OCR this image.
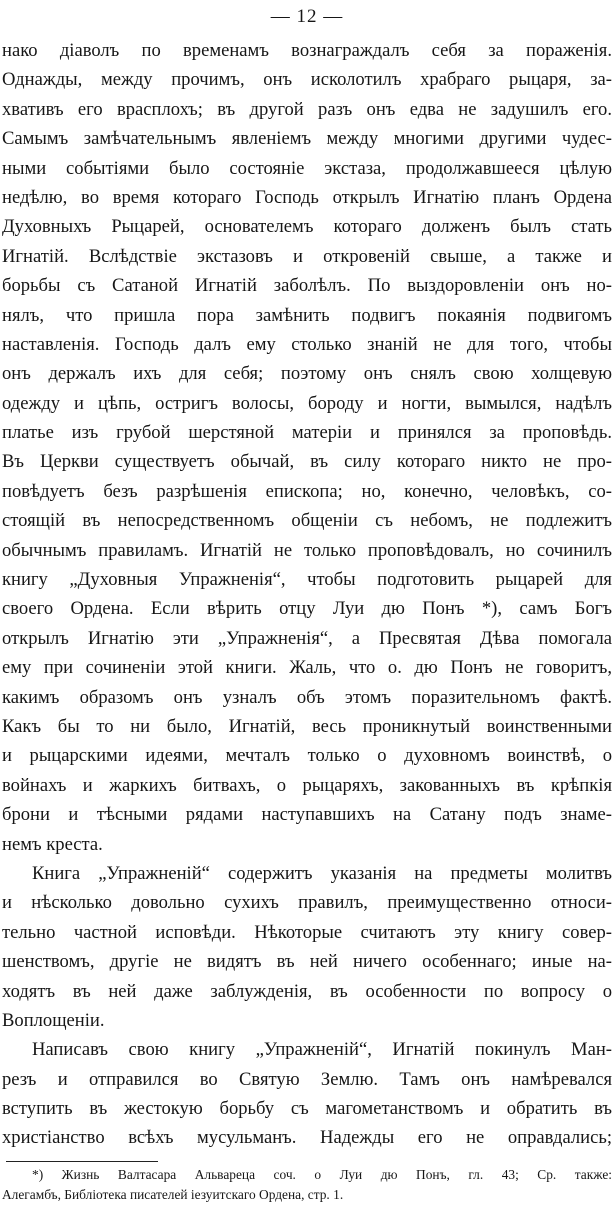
— 12 —
нако діаволъ по временамъ вознаграждалъ себя за пораженія.
Однажды, между прочимъ, онъ исколотилъ храбраго рыцаря, за-
хвативъ его врасплохъ; въ другой разъ онъ едва не задушилъ его.
Самымъ замѣчательнымъ явленіемъ между многими другими чудес-
ными событіями было состояніе экстаза, продолжавшееся цѣлую
недѣлю, во время котораго Господь открылъ Игнатію планъ Ордена
Духовныхъ Рыцарей, основателемъ котораго долженъ былъ стать
Игнатій. Вслѣдствіе экстазовъ и откровеній свыше, а также и
борьбы съ Сатаной Игнатій заболѣлъ. По выздоровленіи онъ но-
нялъ, что пришла пора замѣнить подвигъ покаянія подвигомъ
наставленія. Господь далъ ему столько знаній не для того, чтобы
онъ держалъ ихъ для себя; поэтому онъ снялъ свою холщевую
одежду и цѣпь, остригъ волосы, бороду и ногти, вымылся, надѣлъ
платье изъ грубой шерстяной матеріи и принялся за проповѣдь.
Въ Церкви существуетъ обычай, въ силу котораго никто не про-
повѣдуетъ безъ разрѣшенія епископа; но, конечно, человѣкъ, со-
стоящій въ непосредственномъ общеніи съ небомъ, не подлежитъ
обычнымъ правиламъ. Игнатій не только проповѣдовалъ, но сочинилъ
книгу „Духовныя Упражненія“, чтобы подготовить рыцарей для
своего Ордена. Если вѣрить отцу Луи дю Понъ *), самъ Богъ
открылъ Игнатію эти „Упражненія“, а Пресвятая Дѣва помогала
ему при сочиненіи этой книги. Жаль, что о. дю Понъ не говоритъ,
какимъ образомъ онъ узналъ объ этомъ поразительномъ фактѣ.
Какъ бы то ни было, Игнатій, весь проникнутый воинственными
и рыцарскими идеями, мечталъ только о духовномъ воинствѣ, о
войнахъ и жаркихъ битвахъ, о рыцаряхъ, закованныхъ въ крѣпкія
брони и тѣсными рядами наступавшихъ на Сатану подъ знаме-
немъ креста.
Книга „Упражненій“ содержитъ указанія на предметы молитвъ
и нѣсколько довольно сухихъ правилъ, преимущественно относи-
тельно частной исповѣди. Нѣкоторые считаютъ эту книгу совер-
шенствомъ, другіе не видятъ въ ней ничего особеннаго; иные на-
ходятъ въ ней даже заблужденія, въ особенности по вопросу о
Воплощеніи.
Написавъ свою книгу „Упражненій“, Игнатій покинулъ Ман-
резъ и отправился во Святую Землю. Тамъ онъ намѣревался
вступить въ жестокую борьбу съ магометанствомъ и обратить въ
христіанство всѣхъ мусульманъ. Надежды его не оправдались;
*) Жизнь Валтасара Альвареца соч. о Луи дю Понъ, гл. 43; Ср. также:
Алегамбъ, Библіотека писателей іезуитскаго Ордена, стр. 1.
